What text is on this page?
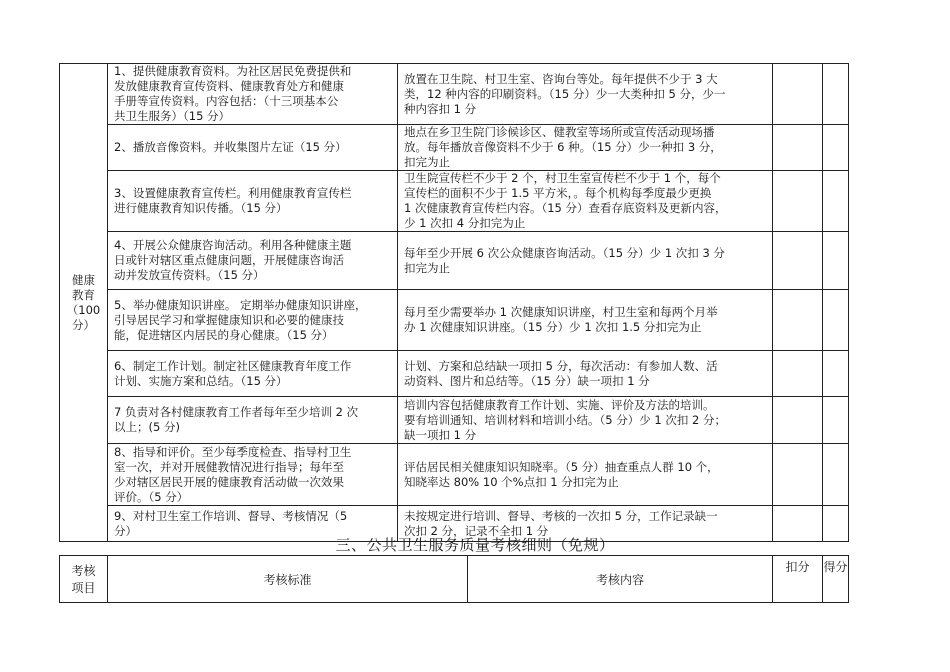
健康
教育
（100
分）	1、提供健康教育资料。为社区居民免费提供和
发放健康教育宣传资料、健康教育处方和健康
手册等宣传资料。内容包括：（十三项基本公
共卫生服务）（15 分）	放置在卫生院、村卫生室、咨询台等处。每年提供不少于 3 大
类，12 种内容的印刷资料。（15 分）少一大类种扣 5 分，少一
种内容扣 1 分		
	2、播放音像资料。并收集图片左证（15 分）	地点在乡卫生院门诊候诊区、健教室等场所或宣传活动现场播
放。每年播放音像资料不少于 6 种。（15 分）少一种扣 3 分，
扣完为止		
	3、设置健康教育宣传栏。利用健康教育宣传栏
进行健康教育知识传播。（15 分）	卫生院宣传栏不少于 2 个，村卫生室宣传栏不少于 1 个，每个
宣传栏的面积不少于 1.5 平方米，。每个机构每季度最少更换
1 次健康教育宣传栏内容。（15 分）查看存底资料及更新内容，
少 1 次扣 4 分扣完为止		
	4、开展公众健康咨询活动。利用各种健康主题
日或针对辖区重点健康问题，开展健康咨询活
动并发放宣传资料。（15 分）	每年至少开展 6 次公众健康咨询活动。（15 分）少 1 次扣 3 分
扣完为止		
	5、举办健康知识讲座。 定期举办健康知识讲座，
引导居民学习和掌握健康知识和必要的健康技
能，促进辖区内居民的身心健康。（15 分）	每月至少需要举办 1 次健康知识讲座，村卫生室和每两个月举
办 1 次健康知识讲座。（15 分）少 1 次扣 1.5 分扣完为止		
	6、制定工作计划。制定社区健康教育年度工作
计划、实施方案和总结。（15 分）	计划、方案和总结缺一项扣 5 分，每次活动：有参加人数、活
动资料、图片和总结等。（15 分）缺一项扣 1 分		
	7 负责对各村健康教育工作者每年至少培训 2 次
以上；(5 分)	培训内容包括健康教育工作计划、实施、评价及方法的培训。
要有培训通知、培训材料和培训小结。（5 分）少 1 次扣 2 分；
缺一项扣 1 分		
	8、指导和评价。至少每季度检查、指导村卫生
室一次，并对开展健教情况进行指导；每年至
少对辖区居民开展的健康教育活动做一次效果
评价。（5 分）	评估居民相关健康知识知晓率。（5 分）抽查重点人群 10 个，
知晓率达 80% 10 个%点扣 1 分扣完为止		
	9、对村卫生室工作培训、督导、考核情况（5
分）	未按规定进行培训、督导、考核的一次扣 5 分，工作记录缺一
次扣 2 分，记录不全扣 1 分		
三、公共卫生服务质量考核细则（免规）
考核
项目	考核标准	考核内容	扣分	得分
